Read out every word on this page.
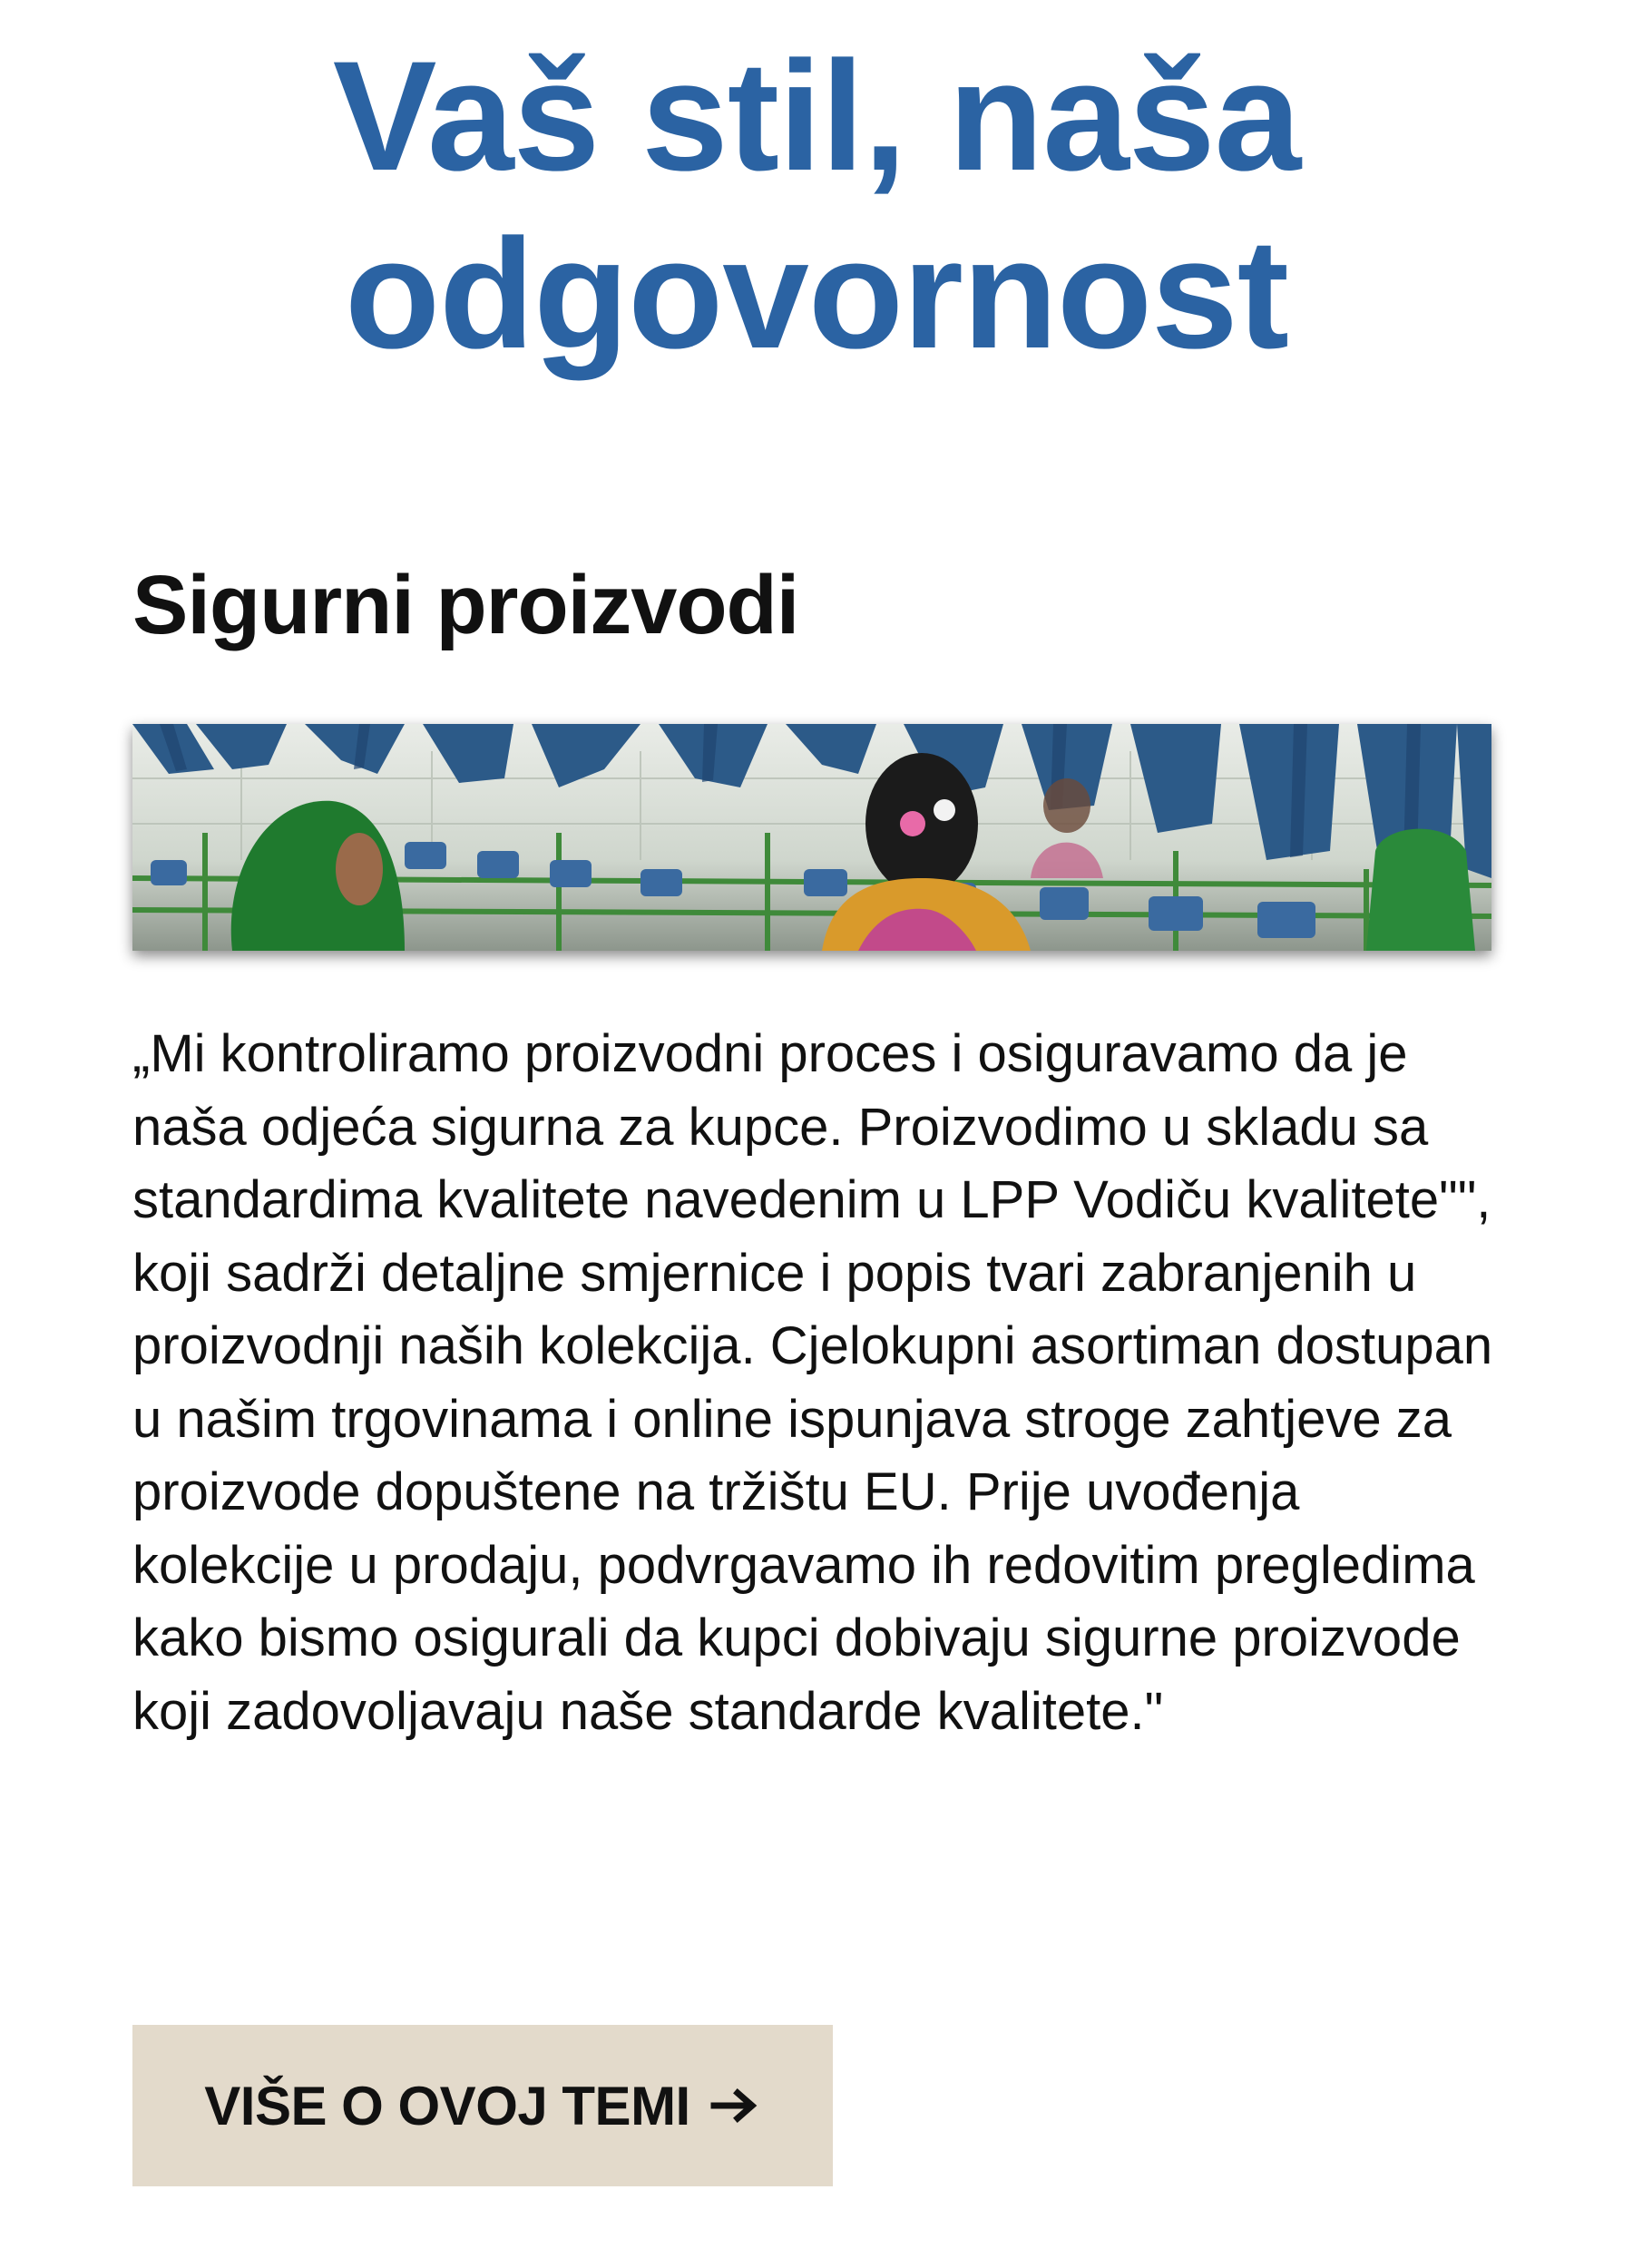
Vaš stil, naša odgovornost
Sigurni proizvodi

„Mi kontroliramo proizvodni proces i osiguravamo da je naša odjeća sigurna za kupce. Proizvodimo u skladu sa standardima kvalitete navedenim u LPP Vodiču kvalitete"", koji sadrži detaljne smjernice i popis tvari zabranjenih u proizvodnji naših kolekcija. Cjelokupni asortiman dostupan u našim trgovinama i online ispunjava stroge zahtjeve za proizvode dopuštene na tržištu EU. Prije uvođenja kolekcije u prodaju, podvrgavamo ih redovitim pregledima kako bismo osigurali da kupci dobivaju sigurne proizvode koji zadovoljavaju naše standarde kvalitete."

VIŠE O OVOJ TEMI
